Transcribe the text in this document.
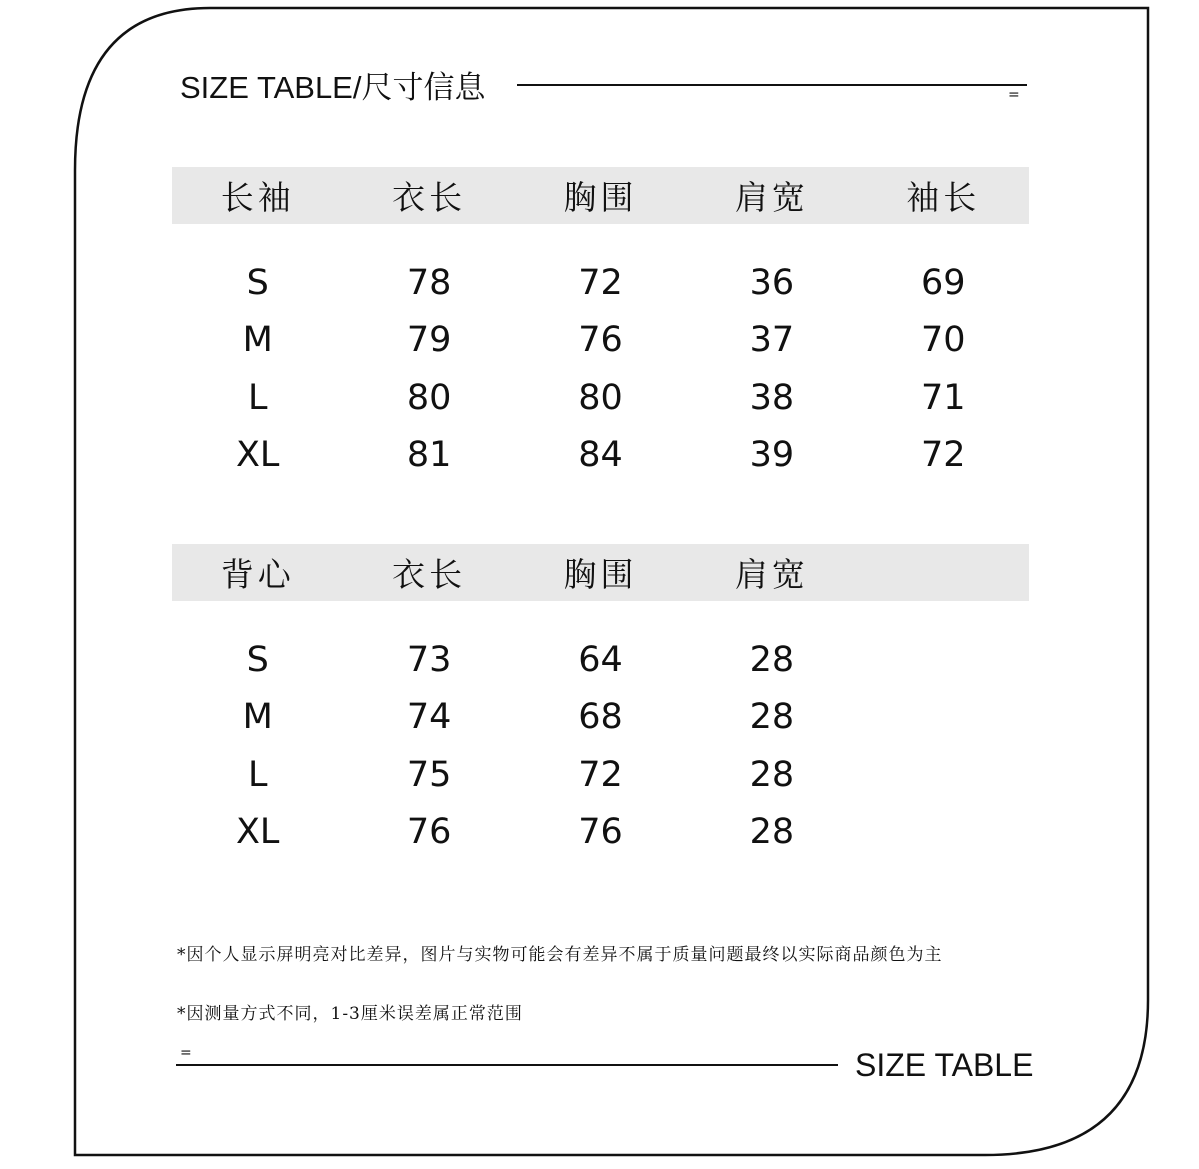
SIZE TABLE/尺寸信息	=
长袖	衣长	胸围	肩宽	袖长
S	78	72	36	69
M	79	76	37	70
L	80	80	38	71
XL	81	84	39	72
背心	衣长	胸围	肩宽
S	73	64	28
M	74	68	28
L	75	72	28
XL	76	76	28
*因个人显示屏明亮对比差异，图片与实物可能会有差异不属于质量问题最终以实际商品颜色为主
*因测量方式不同，1-3厘米误差属正常范围
=	SIZE TABLE
